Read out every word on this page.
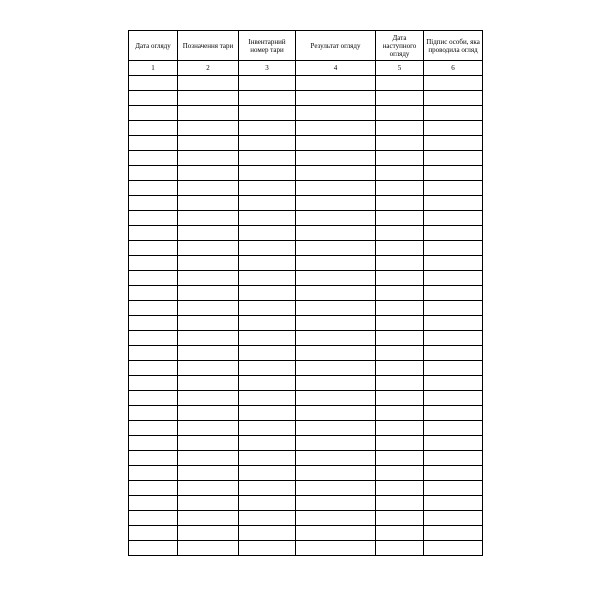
Дата огляду	Позначення тари	Інвентарний номер тари	Результат огляду	Дата наступного огляду	Підпис особи, яка проводила огляд
1	2	3	4	5	6
